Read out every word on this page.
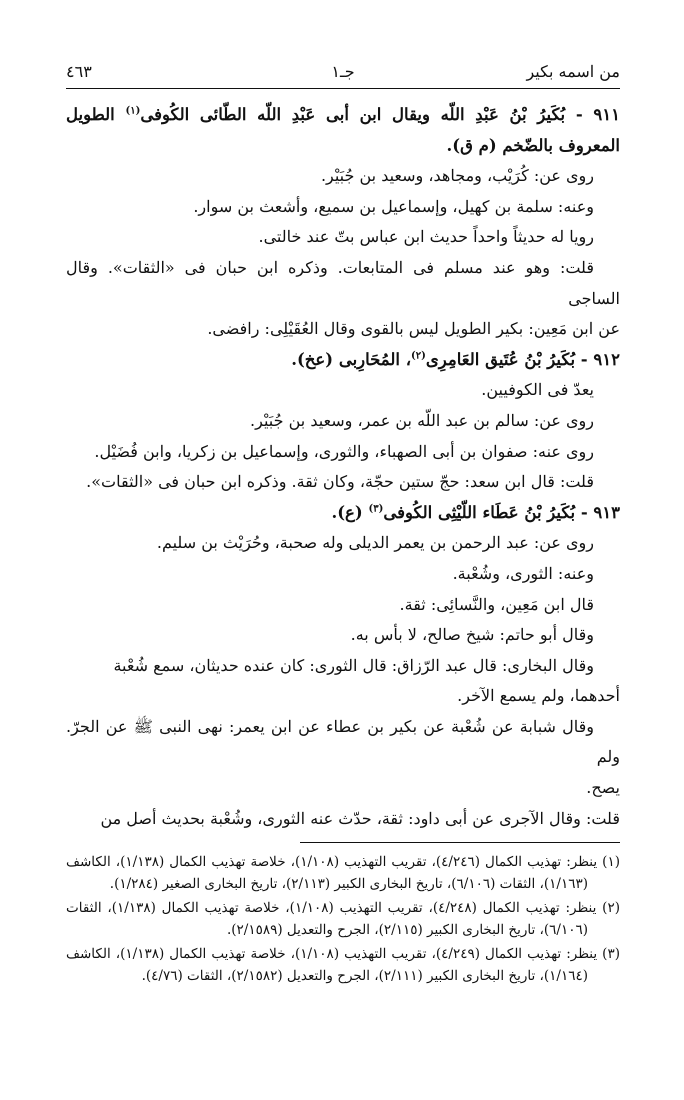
من اسمه بكير
جـ١
٤٦٣

٩١١ - بُكَيرُ بْنُ عَبْدِ اللّه ويقال ابن أبى عَبْدِ اللّه الطّائى الكُوفى$^{(١)}$ الطويل المعروف بالضّخم (م ق).

روى عن: كُرَيْب، ومجاهد، وسعيد بن جُبَيْر.

وعنه: سلمة بن كهيل، وإسماعيل بن سميع، وأشعث بن سوار.

رويا له حديثاً واحداً حديث ابن عباس بتّ عند خالتى.

قلت: وهو عند مسلم فى المتابعات. وذكره ابن حبان فى «الثقات». وقال الساجى

عن ابن مَعِين: بكير الطويل ليس بالقوى وقال العُقَيْلِى: رافضى.

٩١٢ - بُكَيرُ بْنُ عُتَيق العَامِرِى$^{(٢)}$، المُحَارِبى (عخ).

يعدّ فى الكوفيين.

روى عن: سالم بن عبد اللّه بن عمر، وسعيد بن جُبَيْر.

روى عنه: صفوان بن أبى الصهباء، والثورى، وإسماعيل بن زكريا، وابن فُضَيْل.

قلت: قال ابن سعد: حجّ ستين حجّة، وكان ثقة. وذكره ابن حبان فى «الثقات».

٩١٣ - بُكَيرُ بْنُ عَطَاء اللّيْثِى الكُوفى$^{(٣)}$ (ع).

روى عن: عبد الرحمن بن يعمر الديلى وله صحبة، وحُرَيْث بن سليم.

وعنه: الثورى، وشُعْبة.

قال ابن مَعِين، والنَّسائِى: ثقة.

وقال أبو حاتم: شيخ صالح، لا بأس به.

وقال البخارى: قال عبد الرّزاق: قال الثورى: كان عنده حديثان، سمع شُعْبة

أحدهما، ولم يسمع الآخر.

وقال شبابة عن شُعْبة عن بكير بن عطاء عن ابن يعمر: نهى النبى ﷺ عن الجرّ. ولم

يصح.

قلت: وقال الآجرى عن أبى داود: ثقة، حدّث عنه الثورى، وشُعْبة بحديث أصل من

(١) ينظر: تهذيب الكمال (٤/٢٤٦)، تقريب التهذيب (١/١٠٨)، خلاصة تهذيب الكمال (١/١٣٨)، الكاشف (١/١٦٣)، الثقات (٦/١٠٦)، تاريخ البخارى الكبير (٢/١١٣)، تاريخ البخارى الصغير (١/٢٨٤).

(٢) ينظر: تهذيب الكمال (٤/٢٤٨)، تقريب التهذيب (١/١٠٨)، خلاصة تهذيب الكمال (١/١٣٨)، الثقات (٦/١٠٦)، تاريخ البخارى الكبير (٢/١١٥)، الجرح والتعديل (٢/١٥٨٩).

(٣) ينظر: تهذيب الكمال (٤/٢٤٩)، تقريب التهذيب (١/١٠٨)، خلاصة تهذيب الكمال (١/١٣٨)، الكاشف (١/١٦٤)، تاريخ البخارى الكبير (٢/١١١)، الجرح والتعديل (٢/١٥٨٢)، الثقات (٤/٧٦).
